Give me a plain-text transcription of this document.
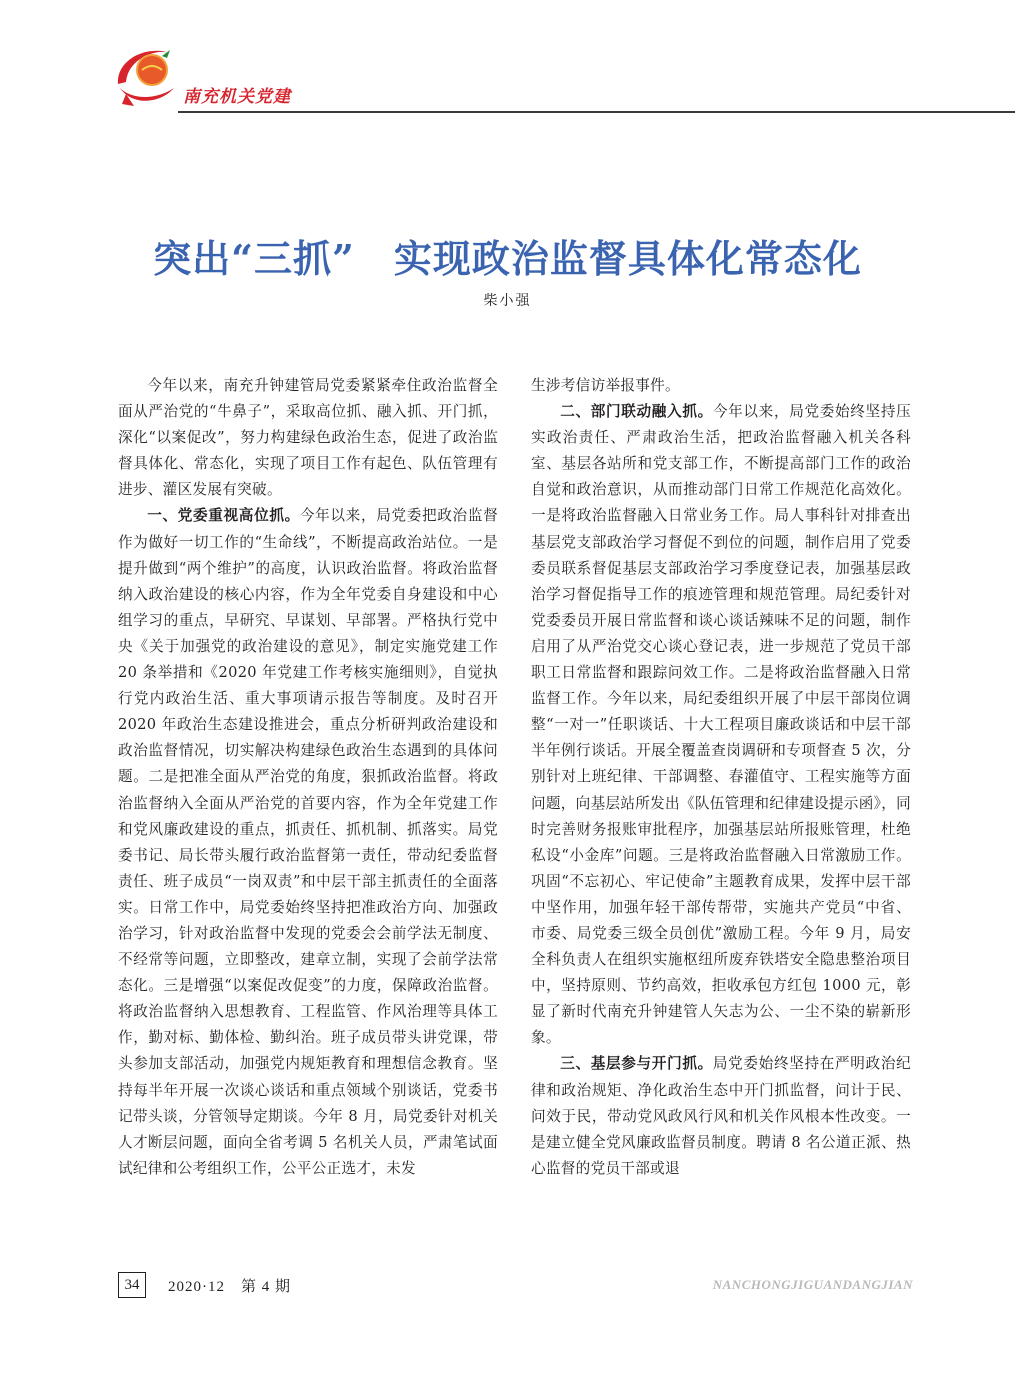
南充机关党建
突出“三抓”　实现政治监督具体化常态化
柴小强

今年以来，南充升钟建管局党委紧紧牵住政治监督全面从严治党的“牛鼻子”，采取高位抓、融入抓、开门抓，深化“以案促改”，努力构建绿色政治生态，促进了政治监督具体化、常态化，实现了项目工作有起色、队伍管理有进步、灌区发展有突破。

一、党委重视高位抓。今年以来，局党委把政治监督作为做好一切工作的“生命线”，不断提高政治站位。一是提升做到“两个维护”的高度，认识政治监督。将政治监督纳入政治建设的核心内容，作为全年党委自身建设和中心组学习的重点，早研究、早谋划、早部署。严格执行党中央《关于加强党的政治建设的意见》，制定实施党建工作 20 条举措和《2020 年党建工作考核实施细则》，自觉执行党内政治生活、重大事项请示报告等制度。及时召开 2020 年政治生态建设推进会，重点分析研判政治建设和政治监督情况，切实解决构建绿色政治生态遇到的具体问题。二是把准全面从严治党的角度，狠抓政治监督。将政治监督纳入全面从严治党的首要内容，作为全年党建工作和党风廉政建设的重点，抓责任、抓机制、抓落实。局党委书记、局长带头履行政治监督第一责任，带动纪委监督责任、班子成员“一岗双责”和中层干部主抓责任的全面落实。日常工作中，局党委始终坚持把准政治方向、加强政治学习，针对政治监督中发现的党委会会前学法无制度、不经常等问题，立即整改，建章立制，实现了会前学法常态化。三是增强“以案促改促变”的力度，保障政治监督。将政治监督纳入思想教育、工程监管、作风治理等具体工作，勤对标、勤体检、勤纠治。班子成员带头讲党课，带头参加支部活动，加强党内规矩教育和理想信念教育。坚持每半年开展一次谈心谈话和重点领域个别谈话，党委书记带头谈，分管领导定期谈。今年 8 月，局党委针对机关人才断层问题，面向全省考调 5 名机关人员，严肃笔试面试纪律和公考组织工作，公平公正选才，未发

生涉考信访举报事件。

二、部门联动融入抓。今年以来，局党委始终坚持压实政治责任、严肃政治生活，把政治监督融入机关各科室、基层各站所和党支部工作，不断提高部门工作的政治自觉和政治意识，从而推动部门日常工作规范化高效化。一是将政治监督融入日常业务工作。局人事科针对排查出基层党支部政治学习督促不到位的问题，制作启用了党委委员联系督促基层支部政治学习季度登记表，加强基层政治学习督促指导工作的痕迹管理和规范管理。局纪委针对党委委员开展日常监督和谈心谈话辣味不足的问题，制作启用了从严治党交心谈心登记表，进一步规范了党员干部职工日常监督和跟踪问效工作。二是将政治监督融入日常监督工作。今年以来，局纪委组织开展了中层干部岗位调整“一对一”任职谈话、十大工程项目廉政谈话和中层干部半年例行谈话。开展全覆盖查岗调研和专项督查 5 次，分别针对上班纪律、干部调整、春灌值守、工程实施等方面问题，向基层站所发出《队伍管理和纪律建设提示函》，同时完善财务报账审批程序，加强基层站所报账管理，杜绝私设“小金库”问题。三是将政治监督融入日常激励工作。巩固“不忘初心、牢记使命”主题教育成果，发挥中层干部中坚作用，加强年轻干部传帮带，实施共产党员“中省、市委、局党委三级全员创优”激励工程。今年 9 月，局安全科负责人在组织实施枢纽所废弃铁塔安全隐患整治项目中，坚持原则、节约高效，拒收承包方红包 1000 元，彰显了新时代南充升钟建管人矢志为公、一尘不染的崭新形象。

三、基层参与开门抓。局党委始终坚持在严明政治纪律和政治规矩、净化政治生态中开门抓监督，问计于民、问效于民，带动党风政风行风和机关作风根本性改变。一是建立健全党风廉政监督员制度。聘请 8 名公道正派、热心监督的党员干部或退

34	2020·12　第 4 期	NANCHONGJIGUANDANGJIAN
